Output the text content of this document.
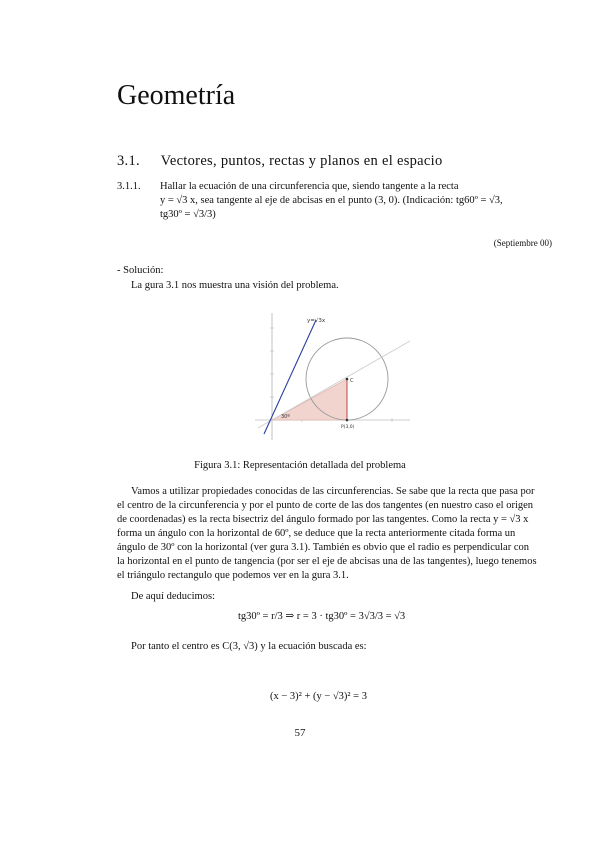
Geometría
3.1. Vectores, puntos, rectas y planos en el espacio
3.1.1. Hallar la ecuación de una circunferencia que, siendo tangente a la recta
y = √3 x, sea tangente al eje de abcisas en el punto (3, 0). (Indicación: tg60º = √3,
tg30º = √3/3)
(Septiembre 00)
- Solución:
La gura 3.1 nos muestra una visión del problema.
y=√3x
C
P(3,0)
30º
Figura 3.1: Representación detallada del problema

Vamos a utilizar propiedades conocidas de las circunferencias. Se sabe que la recta que pasa por

el centro de la circunferencia y por el punto de corte de las dos tangentes (en nuestro caso el origen

de coordenadas) es la recta bisectriz del ángulo formado por las tangentes. Como la recta y = √3 x

forma un ángulo con la horizontal de 60º, se deduce que la recta anteriormente citada forma un

ángulo de 30º con la horizontal (ver gura 3.1). También es obvio que el radio es perpendicular con

la horizontal en el punto de tangencia (por ser el eje de abcisas una de las tangentes), luego tenemos

el triángulo rectangulo que podemos ver en la gura 3.1.

De aquí deducimos:
tg30º = r/3 ⇒ r = 3 · tg30º = 3√3/3 = √3
Por tanto el centro es C(3, √3) y la ecuación buscada es:
(x − 3)² + (y − √3)² = 3
57
